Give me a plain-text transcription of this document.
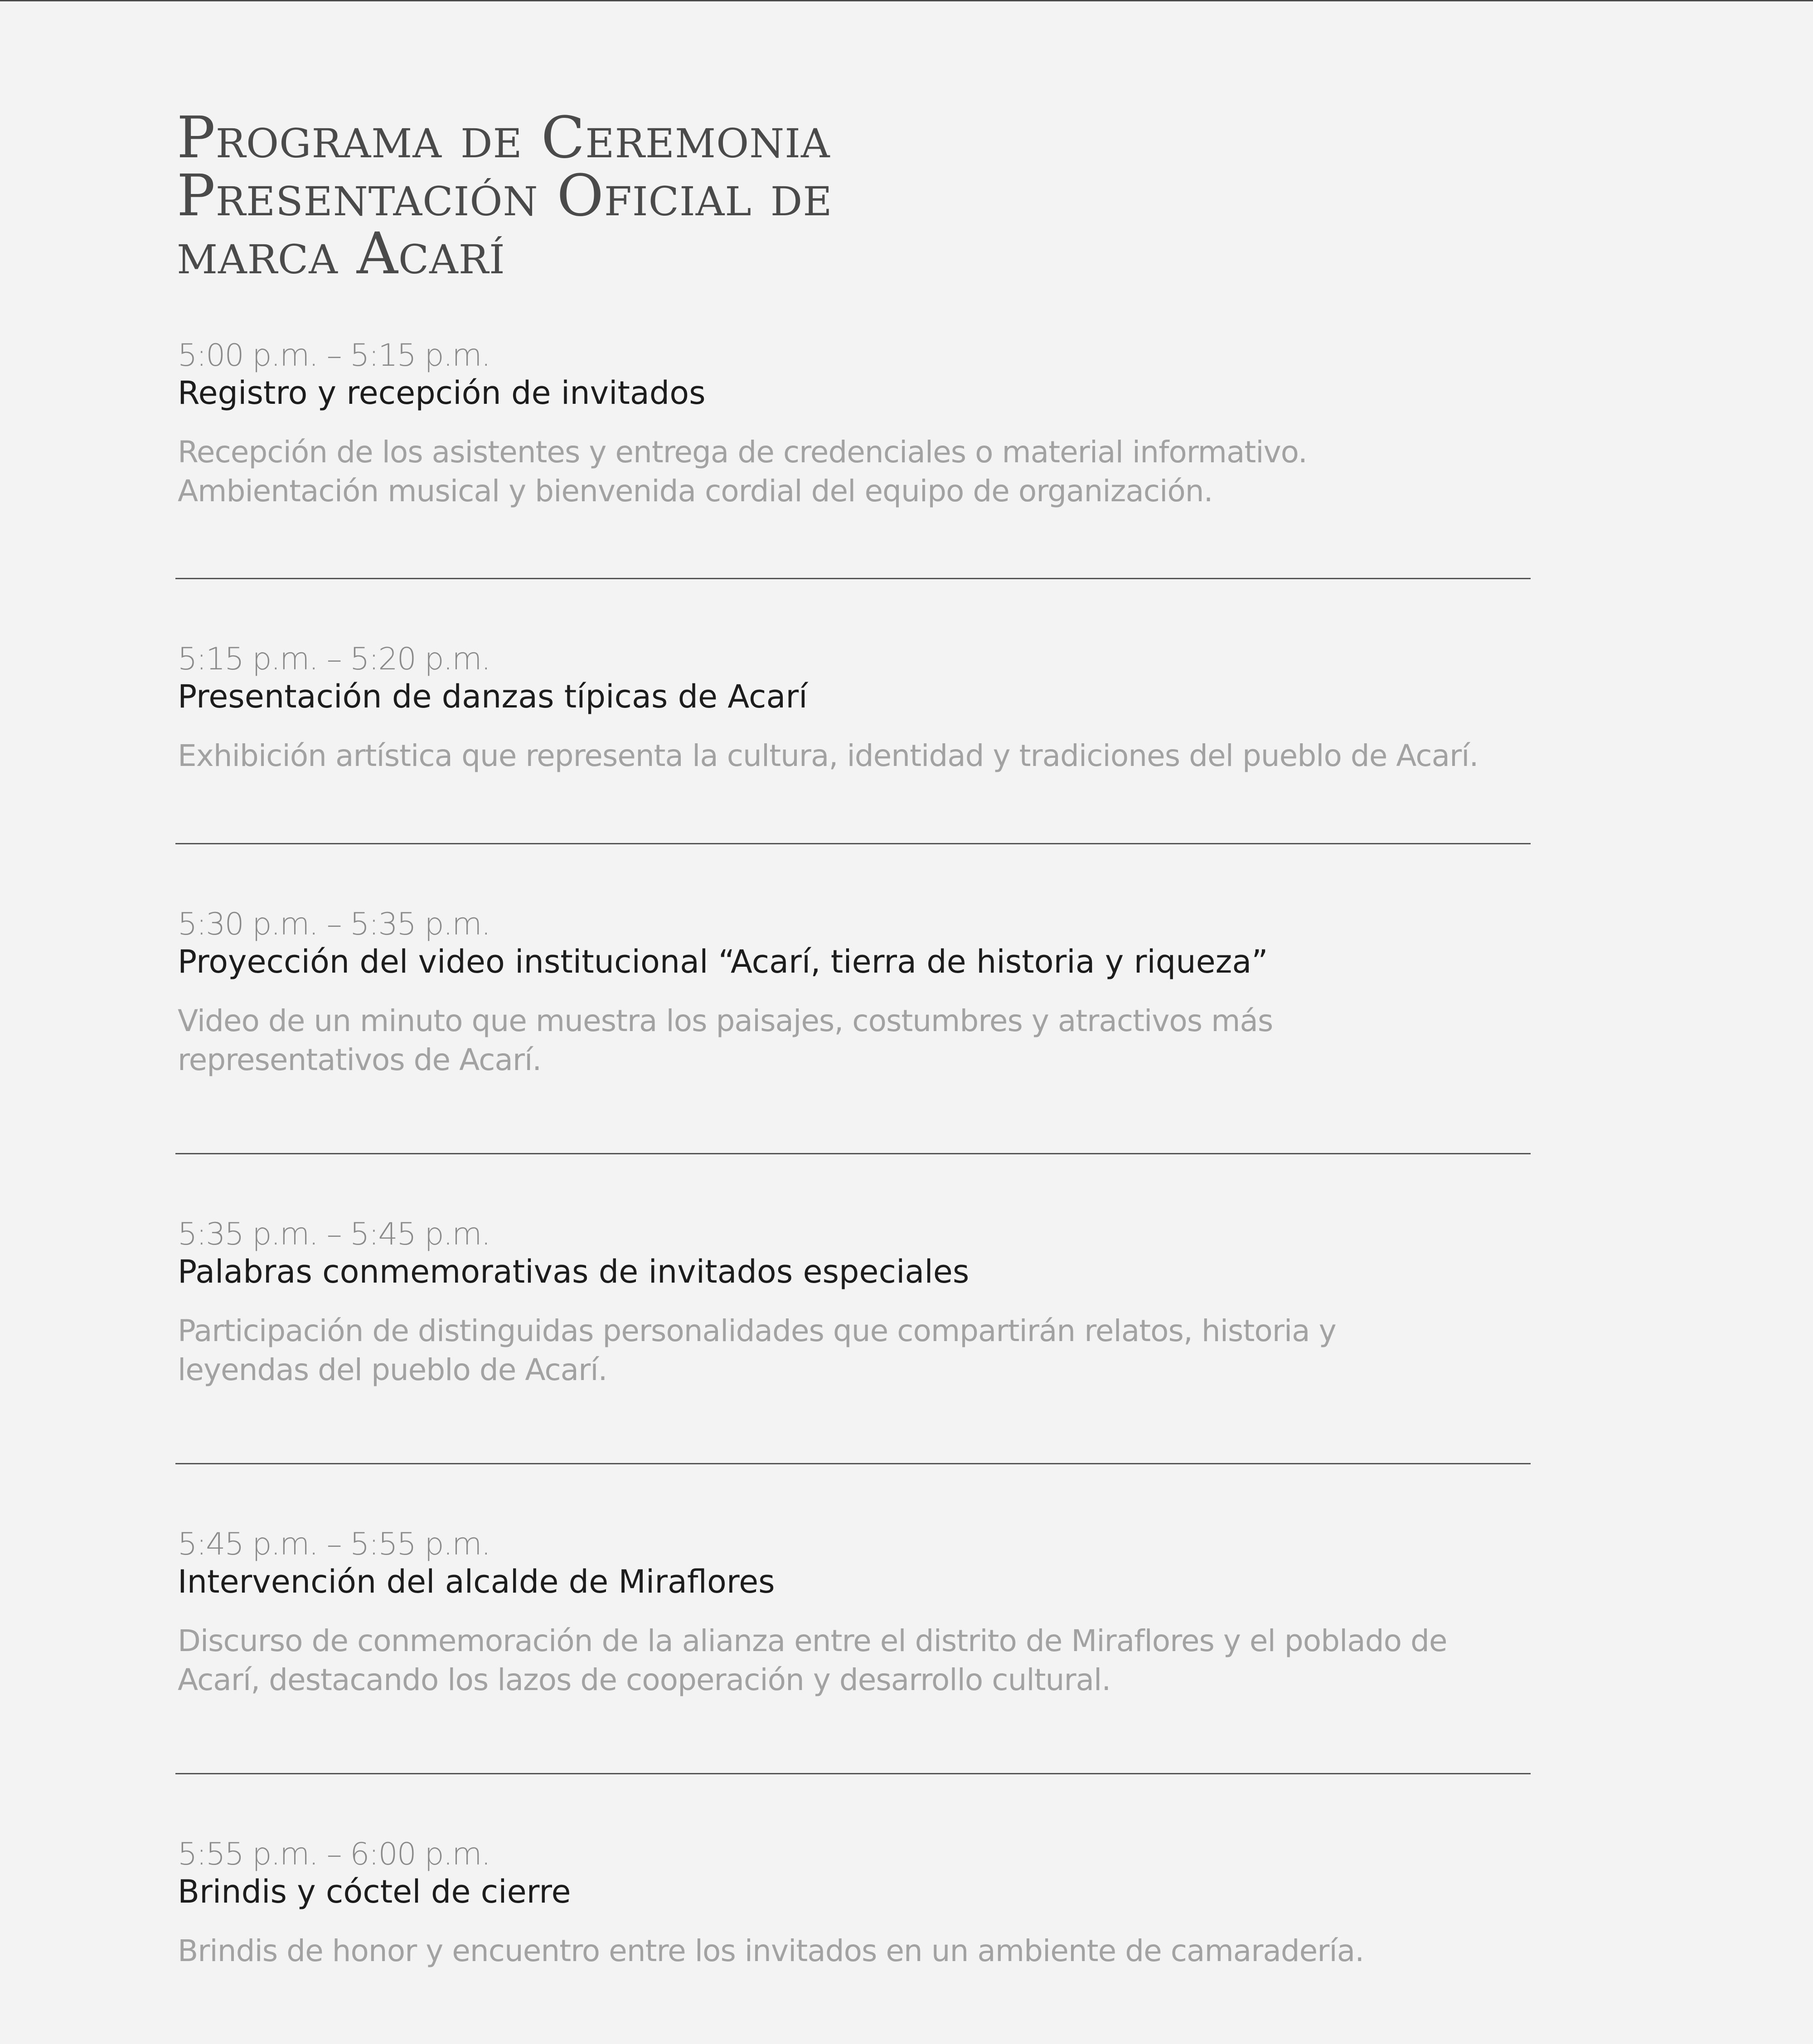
Programa de Ceremonia
Presentación Oficial de
marca Acarí
5:00 p.m. – 5:15 p.m.
Registro y recepción de invitados
Recepción de los asistentes y entrega de credenciales o material informativo.
Ambientación musical y bienvenida cordial del equipo de organización.
5:15 p.m. – 5:20 p.m.
Presentación de danzas típicas de Acarí
Exhibición artística que representa la cultura, identidad y tradiciones del pueblo de Acarí.
5:30 p.m. – 5:35 p.m.
Proyección del video institucional “Acarí, tierra de historia y riqueza”
Video de un minuto que muestra los paisajes, costumbres y atractivos más
representativos de Acarí.
5:35 p.m. – 5:45 p.m.
Palabras conmemorativas de invitados especiales
Participación de distinguidas personalidades que compartirán relatos, historia y
leyendas del pueblo de Acarí.
5:45 p.m. – 5:55 p.m.
Intervención del alcalde de Miraflores
Discurso de conmemoración de la alianza entre el distrito de Miraflores y el poblado de
Acarí, destacando los lazos de cooperación y desarrollo cultural.
5:55 p.m. – 6:00 p.m.
Brindis y cóctel de cierre
Brindis de honor y encuentro entre los invitados en un ambiente de camaradería.
